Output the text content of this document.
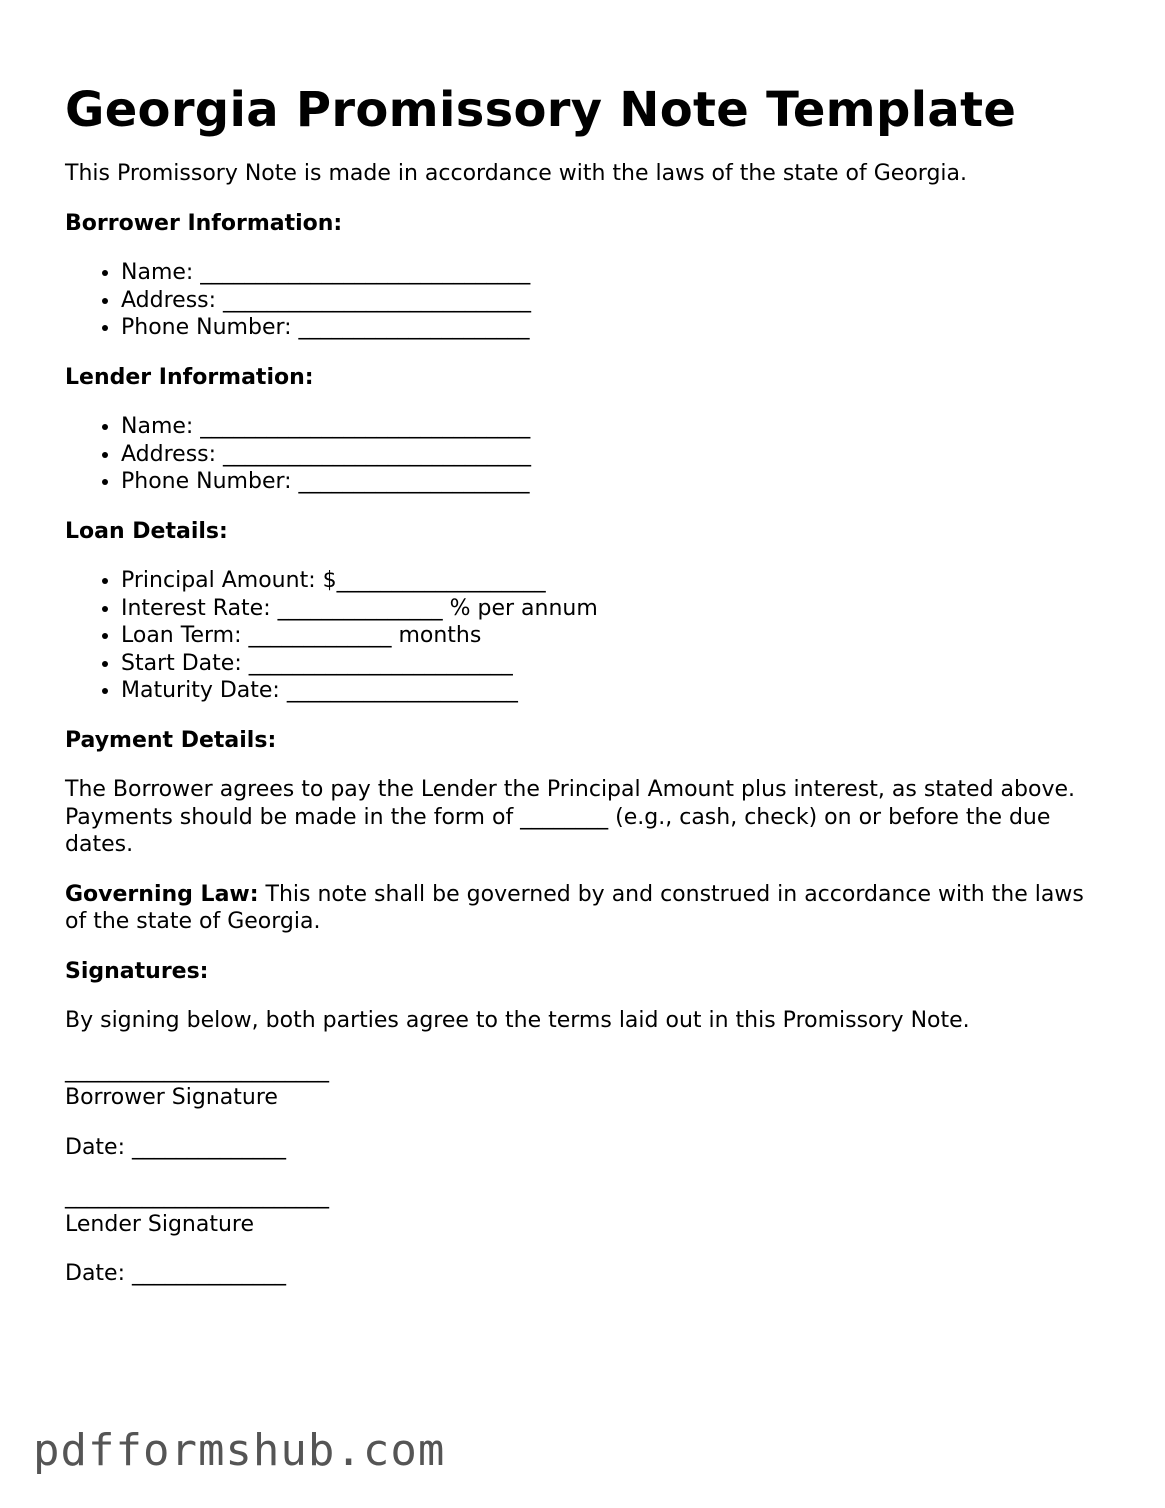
Georgia Promissory Note Template

This Promissory Note is made in accordance with the laws of the state of Georgia.

Borrower Information:
• Name: ______________________________
• Address: ____________________________
• Phone Number: _____________________
Lender Information:
• Name: ______________________________
• Address: ____________________________
• Phone Number: _____________________
Loan Details:
• Principal Amount: $___________________
• Interest Rate: _______________ % per annum
• Loan Term: _____________ months
• Start Date: ________________________
• Maturity Date: _____________________
Payment Details:

The Borrower agrees to pay the Lender the Principal Amount plus interest, as stated above. Payments should be made in the form of ________ (e.g., cash, check) on or before the due dates.

Governing Law: This note shall be governed by and construed in accordance with the laws of the state of Georgia.

Signatures:

By signing below, both parties agree to the terms laid out in this Promissory Note.

________________________
Borrower Signature

Date: ______________

________________________
Lender Signature

Date: ______________

pdfformshub.com
